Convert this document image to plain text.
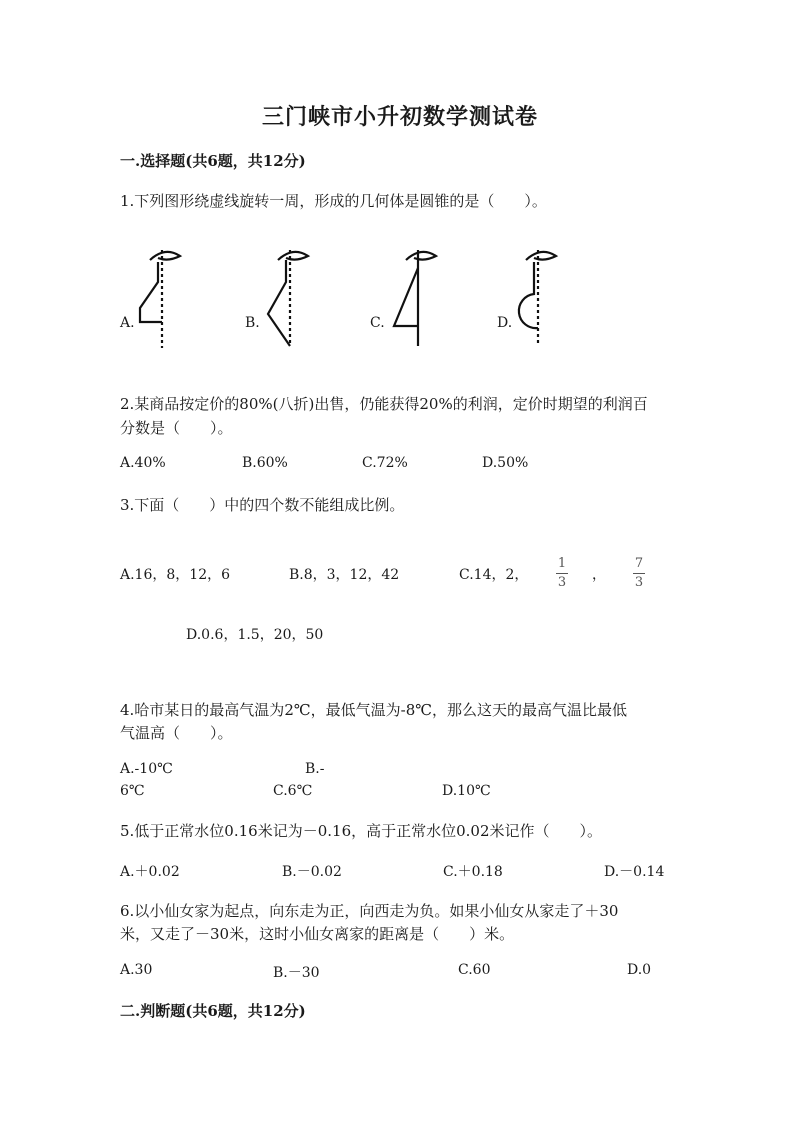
三门峡市小升初数学测试卷
一.选择题(共6题，共12分)
1.下列图形绕虚线旋转一周，形成的几何体是圆锥的是（　　）。
A.	B.	C.	D.
2.某商品按定价的80%(八折)出售，仍能获得20%的利润，定价时期望的利润百
分数是（　　）。
A.40%	B.60%	C.72%	D.50%
3.下面（　　）中的四个数不能组成比例。
A.16，8，12，6	B.8，3，12，42	C.14，2，
1
3 ，
7
3
D.0.6，1.5，20，50
4.哈市某日的最高气温为2℃，最低气温为-8℃，那么这天的最高气温比最低
气温高（　　）。
A.-10℃	B.-
6℃	C.6℃	D.10℃
5.低于正常水位0.16米记为－0.16，高于正常水位0.02米记作（　　）。
A.＋0.02	B.－0.02	C.＋0.18	D.－0.14
6.以小仙女家为起点，向东走为正，向西走为负。如果小仙女从家走了＋30
米，又走了－30米，这时小仙女离家的距离是（　　）米。
A.30	B.－30	C.60	D.0
二.判断题(共6题，共12分)
